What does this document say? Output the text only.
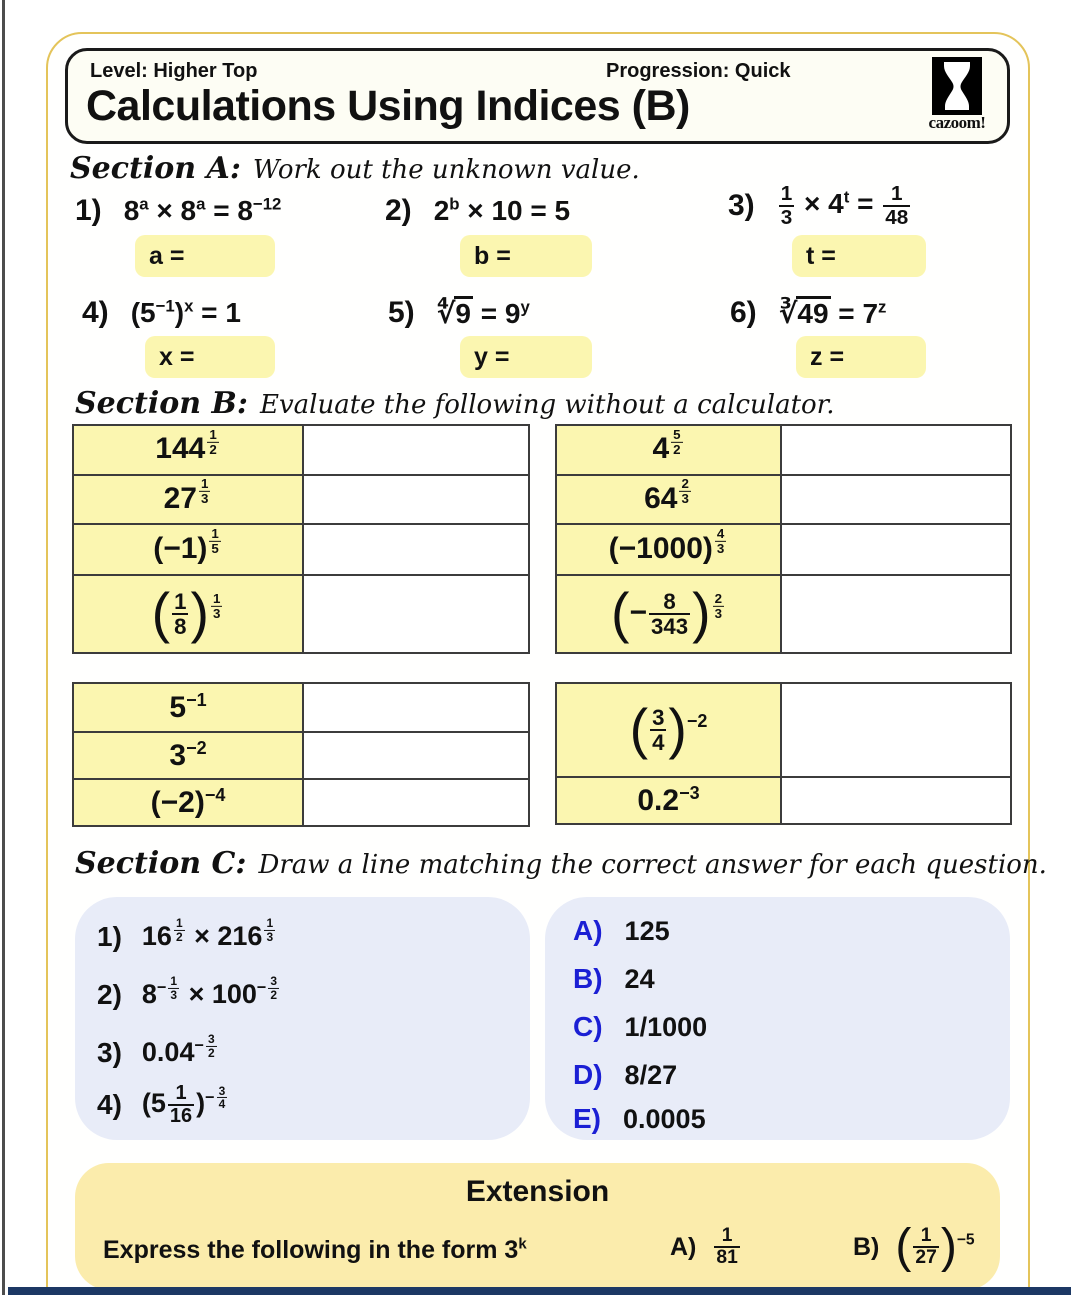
Level: Higher Top	Progression: Quick
Calculations Using Indices (B)	cazoom!
Section A: Work out the unknown value.
1) 8a × 8a = 8−12	2) 2b × 10 = 5	$3) \frac{1}{3} \times 4t = \frac{1}{48}$
a =	b =	t =
4) (5−1)x = 1	5) ∜9 = 9y	6) ∛49 = 7z
x =	y =	z =
Section B: Evaluate the following without a calculator.
$144 \frac{1}{2}$
$27 \frac{1}{3}$
$(-1) \frac{1}{5}$
( $\frac{1}{8}$ ) $\frac{1}{3}$
$4 \frac{5}{2}$
$64 \frac{2}{3}$
$(-1000) \frac{4}{3}$
(− $\frac{8}{343}$ ) $\frac{2}{3}$
5−1
3−2
(−2)−4
( $\frac{3}{4} )-2$
0.2−3
Section C: Draw a line matching the correct answer for each question.
1) $16 \frac{1}{2} \times 216 \frac{1}{3}$
2) $8- \frac{1}{3} \times 100- \frac{3}{2}$
3) $0.04- \frac{3}{2}$
4) ($5 \frac{1}{16}$ )− $\frac{3}{4}$
A) 125
B) 24
C) 1/1000
D) 8/27
E) 0.0005
Extension
Express the following in the form 3k	$A) \frac{1}{81}$	B) ( $\frac{1}{27} )-5$
